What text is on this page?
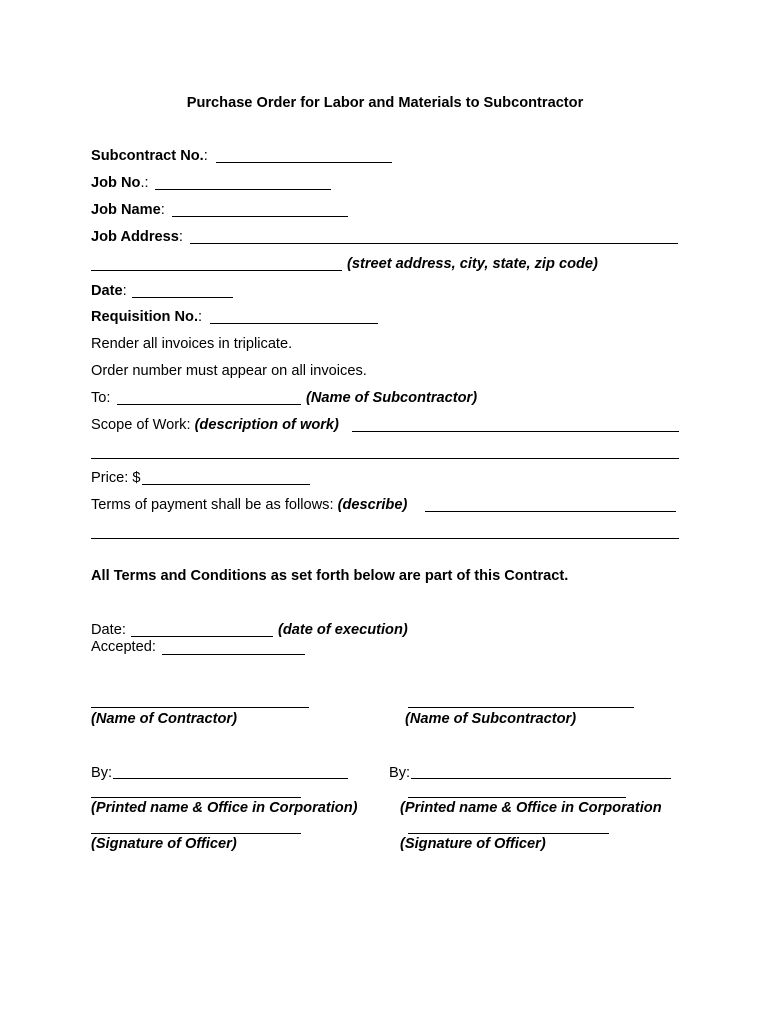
Purchase Order for Labor and Materials to Subcontractor
Subcontract No.:
Job No.:
Job Name:
Job Address:
(street address, city, state, zip code)
Date:
Requisition No.:
Render all invoices in triplicate.
Order number must appear on all invoices.
To:	(Name of Subcontractor)
Scope of Work: (description of work)
Price: $
Terms of payment shall be as follows: (describe)
All Terms and Conditions as set forth below are part of this Contract.
Date:	(date of execution)
Accepted:
(Name of Contractor)	(Name of Subcontractor)
By:	By:
(Printed name & Office in Corporation)	(Printed name & Office in Corporation
(Signature of Officer)	(Signature of Officer)
